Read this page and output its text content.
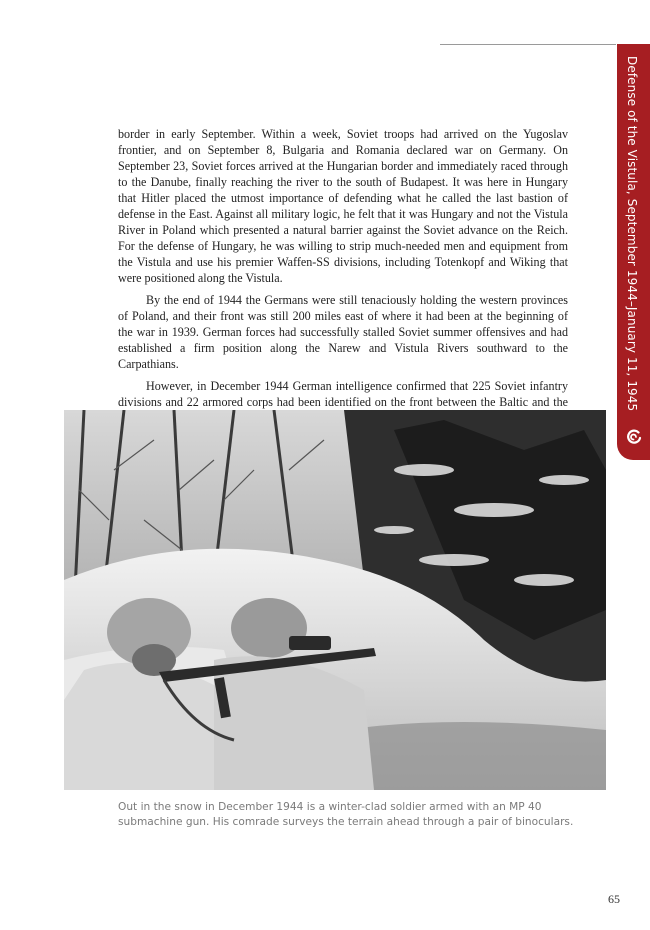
Defense of the Vistula, September 1944–January 11, 1945

border in early September. Within a week, Soviet troops had arrived on the Yugoslav frontier, and on September 8, Bulgaria and Romania declared war on Germany. On September 23, Soviet forces arrived at the Hungarian border and immediately raced through to the Danube, finally reaching the river to the south of Budapest. It was here in Hungary that Hitler placed the utmost importance of defending what he called the last bastion of defense in the East. Against all military logic, he felt that it was Hungary and not the Vistula River in Poland which presented a natural barrier against the Soviet advance on the Reich. For the defense of Hungary, he was willing to strip much-needed men and equipment from the Vistula and use his premier Waffen-SS divisions, including Totenkopf and Wiking that were positioned along the Vistula.

By the end of 1944 the Germans were still tenaciously holding the western provinces of Poland, and their front was still 200 miles east of where it had been at the beginning of the war in 1939. German forces had successfully stalled Soviet summer offensives and had established a firm position along the Narew and Vistula Rivers southward to the Carpathians.

However, in December 1944 German intelligence confirmed that 225 Soviet infantry divisions and 22 armored corps had been identified on the front between the Baltic and the

Out in the snow in December 1944 is a winter-clad soldier armed with an MP 40 submachine gun. His comrade surveys the terrain ahead through a pair of binoculars.
65
